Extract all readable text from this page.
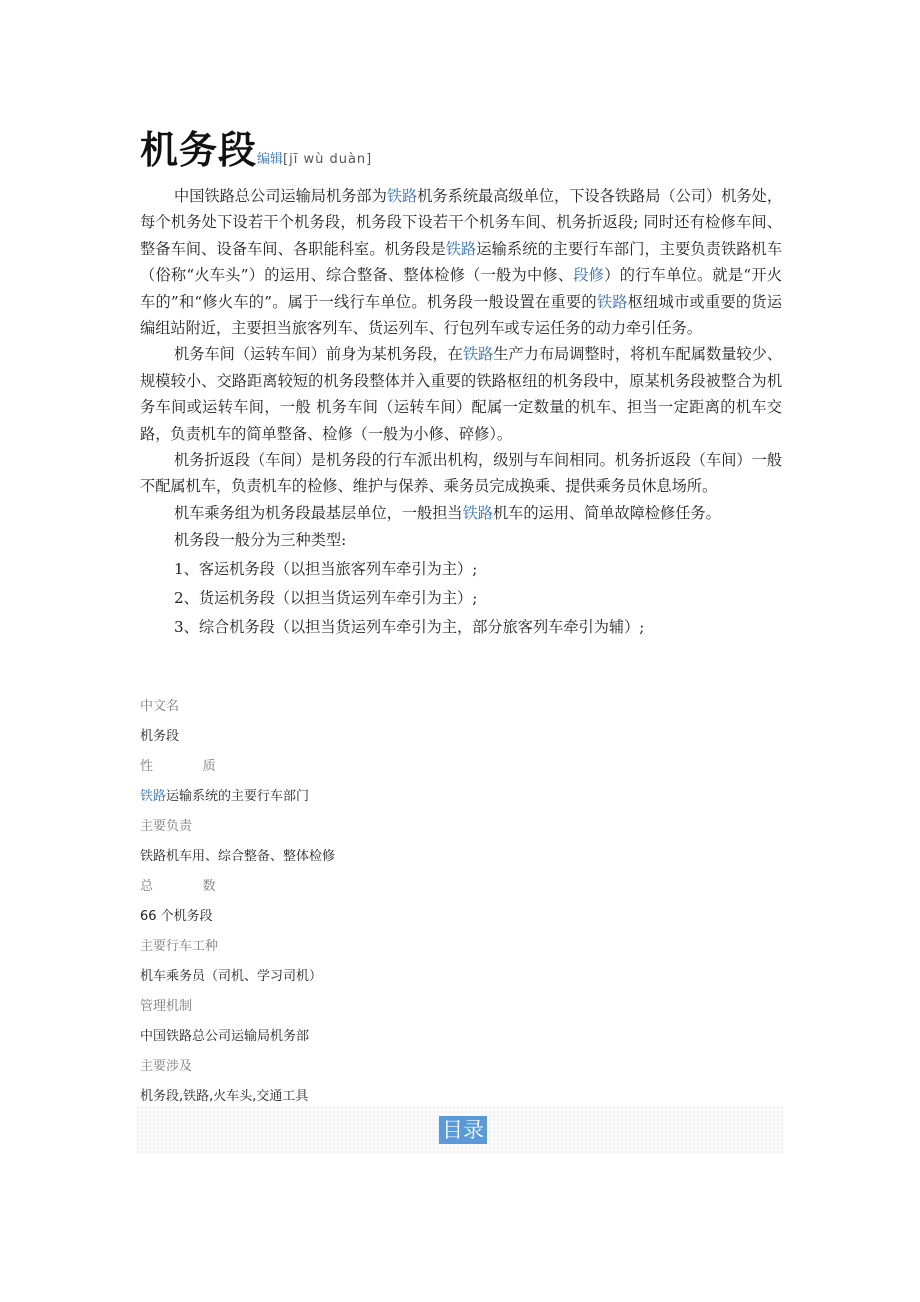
机务段编辑[jī wù duàn]

中国铁路总公司运输局机务部为铁路机务系统最高级单位，下设各铁路局（公司）机务处，每个机务处下设若干个机务段，机务段下设若干个机务车间、机务折返段; 同时还有检修车间、整备车间、设备车间、各职能科室。机务段是铁路运输系统的主要行车部门，主要负责铁路机车（俗称“火车头”）的运用、综合整备、整体检修（一般为中修、段修）的行车单位。就是“开火车的”和“修火车的”。属于一线行车单位。机务段一般设置在重要的铁路枢纽城市或重要的货运编组站附近，主要担当旅客列车、货运列车、行包列车或专运任务的动力牵引任务。

机务车间（运转车间）前身为某机务段，在铁路生产力布局调整时，将机车配属数量较少、规模较小、交路距离较短的机务段整体并入重要的铁路枢纽的机务段中，原某机务段被整合为机务车间或运转车间，一般 机务车间（运转车间）配属一定数量的机车、担当一定距离的机车交路，负责机车的简单整备、检修（一般为小修、碎修）。

机务折返段（车间）是机务段的行车派出机构，级别与车间相同。机务折返段（车间）一般不配属机车，负责机车的检修、维护与保养、乘务员完成换乘、提供乘务员休息场所。

机车乘务组为机务段最基层单位，一般担当铁路机车的运用、简单故障检修任务。

机务段一般分为三种类型:

1、客运机务段（以担当旅客列车牵引为主）;

2、货运机务段（以担当货运列车牵引为主）;

3、综合机务段（以担当货运列车牵引为主，部分旅客列车牵引为辅）;

中文名
机务段
性            质
铁路运输系统的主要行车部门
主要负责
铁路机车用、综合整备、整体检修
总            数
66 个机务段
主要行车工种
机车乘务员（司机、学习司机）
管理机制
中国铁路总公司运输局机务部
主要涉及
机务段,铁路,火车头,交通工具
目录
